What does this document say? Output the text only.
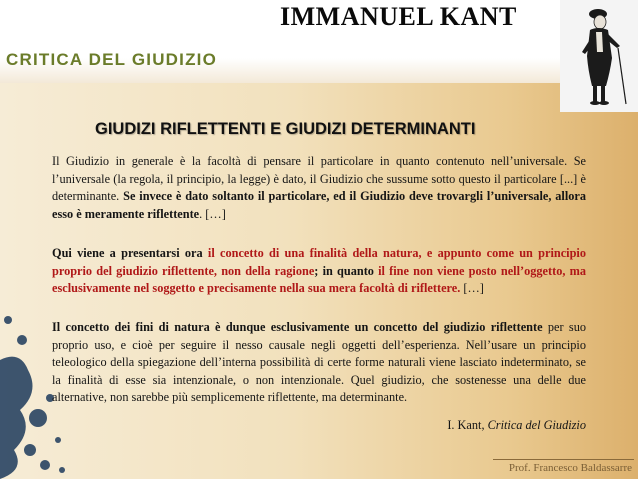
IMMANUEL KANT
CRITICA DEL GIUDIZIO
GIUDIZI RIFLETTENTI E GIUDIZI DETERMINANTI
Il Giudizio in generale è la facoltà di pensare il particolare in quanto contenuto nell’universale. Se l’universale (la regola, il principio, la legge) è dato, il Giudizio che sussume sotto questo il particolare [...] è determinante. Se invece è dato soltanto il particolare, ed il Giudizio deve trovargli l’universale, allora esso è meramente riflettente. […]
Qui viene a presentarsi ora il concetto di una finalità della natura, e appunto come un principio proprio del giudizio riflettente, non della ragione; in quanto il fine non viene posto nell’oggetto, ma esclusivamente nel soggetto e precisamente nella sua mera facoltà di riflettere. […]
Il concetto dei fini di natura è dunque esclusivamente un concetto del giudizio riflettente per suo proprio uso, e cioè per seguire il nesso causale negli oggetti dell’esperienza. Nell’usare un principio teleologico della spiegazione dell’interna possibilità di certe forme naturali viene lasciato indeterminato, se la finalità di esse sia intenzionale, o non intenzionale. Quel giudizio, che sostenesse una delle due alternative, non sarebbe più semplicemente riflettente, ma determinante.
I. Kant, Critica del Giudizio
Prof. Francesco Baldassarre
